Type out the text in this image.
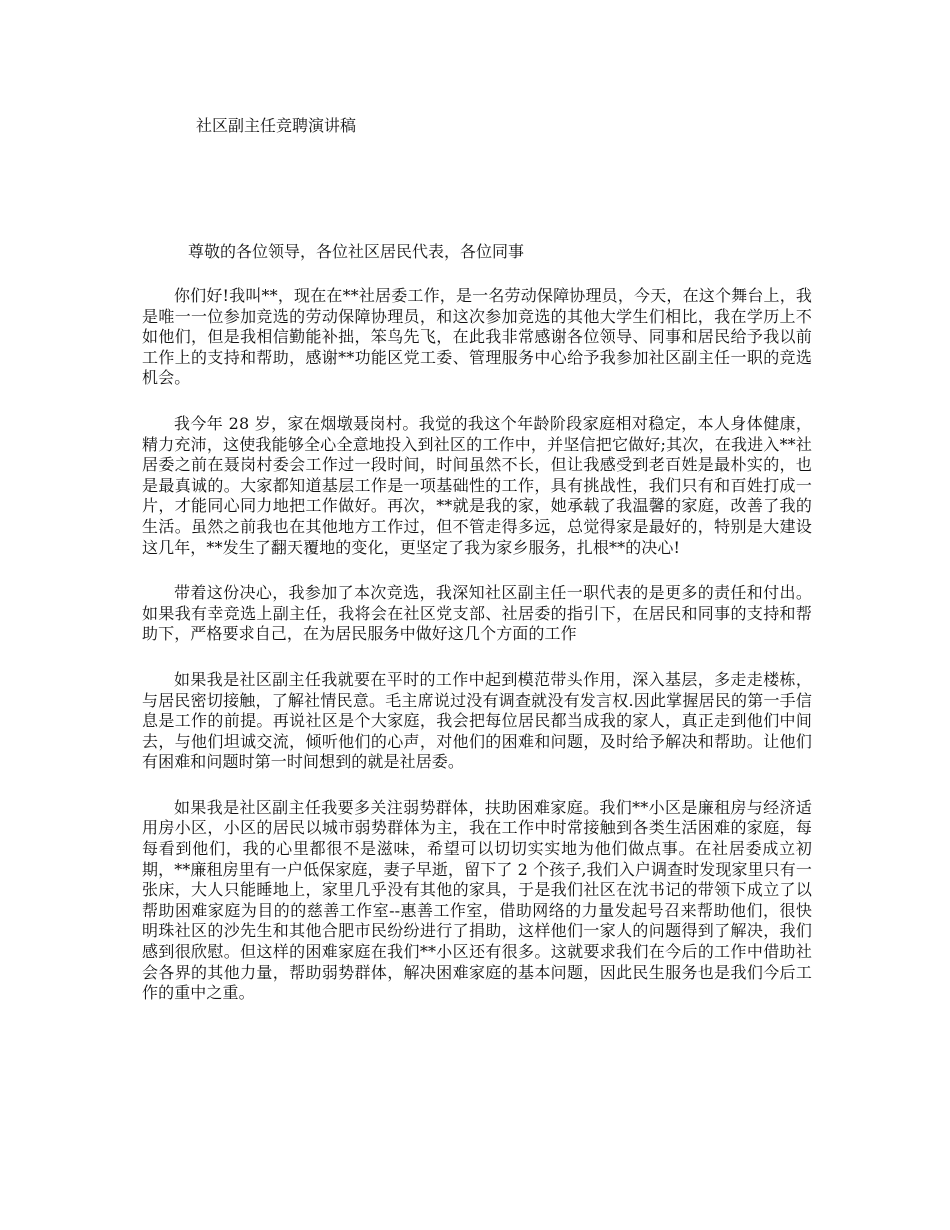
社区副主任竞聘演讲稿

尊敬的各位领导，各位社区居民代表，各位同事

你们好!我叫**，现在在**社居委工作，是一名劳动保障协理员，今天，在这个舞台上，我是唯一一位参加竞选的劳动保障协理员，和这次参加竞选的其他大学生们相比，我在学历上不如他们，但是我相信勤能补拙，笨鸟先飞，在此我非常感谢各位领导、同事和居民给予我以前工作上的支持和帮助，感谢**功能区党工委、管理服务中心给予我参加社区副主任一职的竞选机会。

我今年 28 岁，家在烟墩聂岗村。我觉的我这个年龄阶段家庭相对稳定，本人身体健康，精力充沛，这使我能够全心全意地投入到社区的工作中，并坚信把它做好;其次，在我进入**社居委之前在聂岗村委会工作过一段时间，时间虽然不长，但让我感受到老百姓是最朴实的，也是最真诚的。大家都知道基层工作是一项基础性的工作，具有挑战性，我们只有和百姓打成一片，才能同心同力地把工作做好。再次，**就是我的家，她承载了我温馨的家庭，改善了我的生活。虽然之前我也在其他地方工作过，但不管走得多远，总觉得家是最好的，特别是大建设这几年，**发生了翻天覆地的变化，更坚定了我为家乡服务，扎根**的决心!

带着这份决心，我参加了本次竞选，我深知社区副主任一职代表的是更多的责任和付出。如果我有幸竞选上副主任，我将会在社区党支部、社居委的指引下，在居民和同事的支持和帮助下，严格要求自己，在为居民服务中做好这几个方面的工作

如果我是社区副主任我就要在平时的工作中起到模范带头作用，深入基层，多走走楼栋，与居民密切接触，了解社情民意。毛主席说过没有调查就没有发言权.因此掌握居民的第一手信息是工作的前提。再说社区是个大家庭，我会把每位居民都当成我的家人，真正走到他们中间去，与他们坦诚交流，倾听他们的心声，对他们的困难和问题，及时给予解决和帮助。让他们有困难和问题时第一时间想到的就是社居委。

如果我是社区副主任我要多关注弱势群体，扶助困难家庭。我们**小区是廉租房与经济适用房小区，小区的居民以城市弱势群体为主，我在工作中时常接触到各类生活困难的家庭，每每看到他们，我的心里都很不是滋味，希望可以切切实实地为他们做点事。在社居委成立初期，**廉租房里有一户低保家庭，妻子早逝，留下了 2 个孩子,我们入户调查时发现家里只有一张床，大人只能睡地上，家里几乎没有其他的家具，于是我们社区在沈书记的带领下成立了以帮助困难家庭为目的的慈善工作室--惠善工作室，借助网络的力量发起号召来帮助他们，很快明珠社区的沙先生和其他合肥市民纷纷进行了捐助，这样他们一家人的问题得到了解决，我们感到很欣慰。但这样的困难家庭在我们**小区还有很多。这就要求我们在今后的工作中借助社会各界的其他力量，帮助弱势群体，解决困难家庭的基本问题，因此民生服务也是我们今后工作的重中之重。
